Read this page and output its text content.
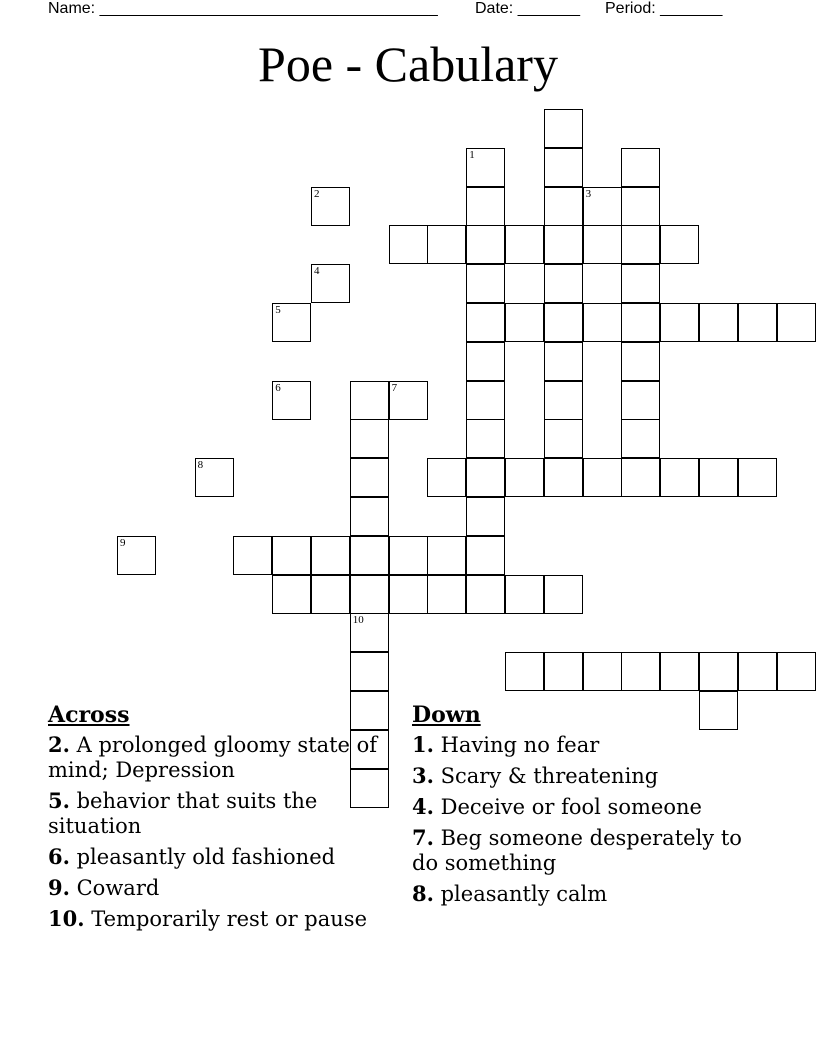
Name: ______________________________________ Date: _______ Period: _______
Poe - Cabulary
1
2	3
4
5
6	7
8
9
10
Across
2. A prolonged gloomy state of mind; Depression
5. behavior that suits the situation
6. pleasantly old fashioned
9. Coward
10. Temporarily rest or pause
Down
1. Having no fear
3. Scary & threatening
4. Deceive or fool someone
7. Beg someone desperately to do something
8. pleasantly calm
